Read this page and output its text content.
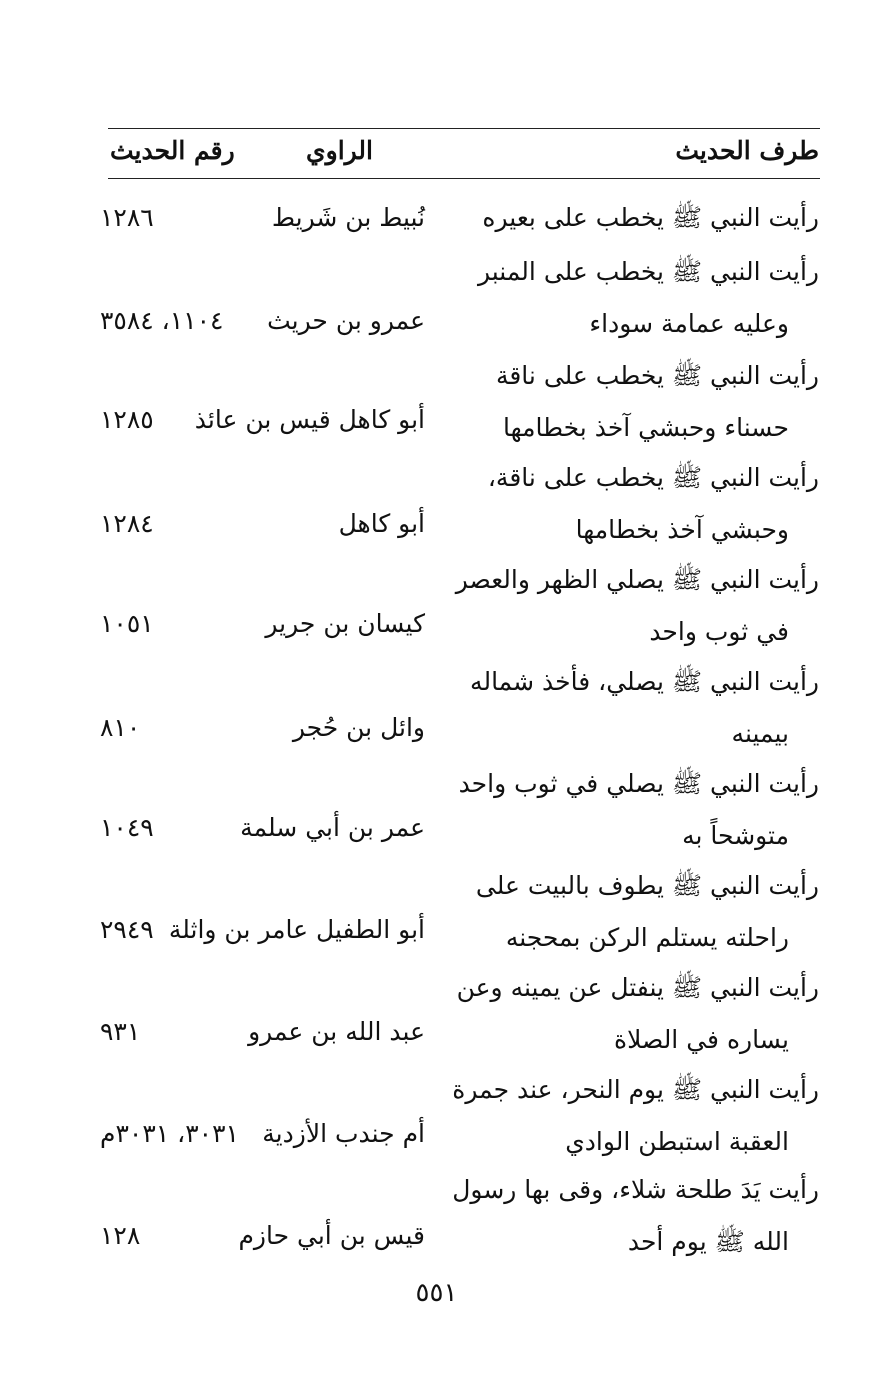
طرف الحديث
الراوي
رقم الحديث
رأيت النبي ﷺ يخطب على بعيره
نُبيط بن شَريط
١٢٨٦
رأيت النبي ﷺ يخطب على المنبر
وعليه عمامة سوداء
عمرو بن حريث
١١٠٤، ٣٥٨٤
رأيت النبي ﷺ يخطب على ناقة
حسناء وحبشي آخذ بخطامها
أبو كاهل قيس بن عائذ
١٢٨٥
رأيت النبي ﷺ يخطب على ناقة،
وحبشي آخذ بخطامها
أبو كاهل
١٢٨٤
رأيت النبي ﷺ يصلي الظهر والعصر
في ثوب واحد
كيسان بن جرير
١٠٥١
رأيت النبي ﷺ يصلي، فأخذ شماله
بيمينه
وائل بن حُجر
٨١٠
رأيت النبي ﷺ يصلي في ثوب واحد
متوشحاً به
عمر بن أبي سلمة
١٠٤٩
رأيت النبي ﷺ يطوف بالبيت على
راحلته يستلم الركن بمحجنه
أبو الطفيل عامر بن واثلة
٢٩٤٩
رأيت النبي ﷺ ينفتل عن يمينه وعن
يساره في الصلاة
عبد الله بن عمرو
٩٣١
رأيت النبي ﷺ يوم النحر، عند جمرة
العقبة استبطن الوادي
أم جندب الأزدية
٣٠٣١، ٣٠٣١م
رأيت يَدَ طلحة شلاء، وقى بها رسول
الله ﷺ يوم أحد
قيس بن أبي حازم
١٢٨
٥٥١
